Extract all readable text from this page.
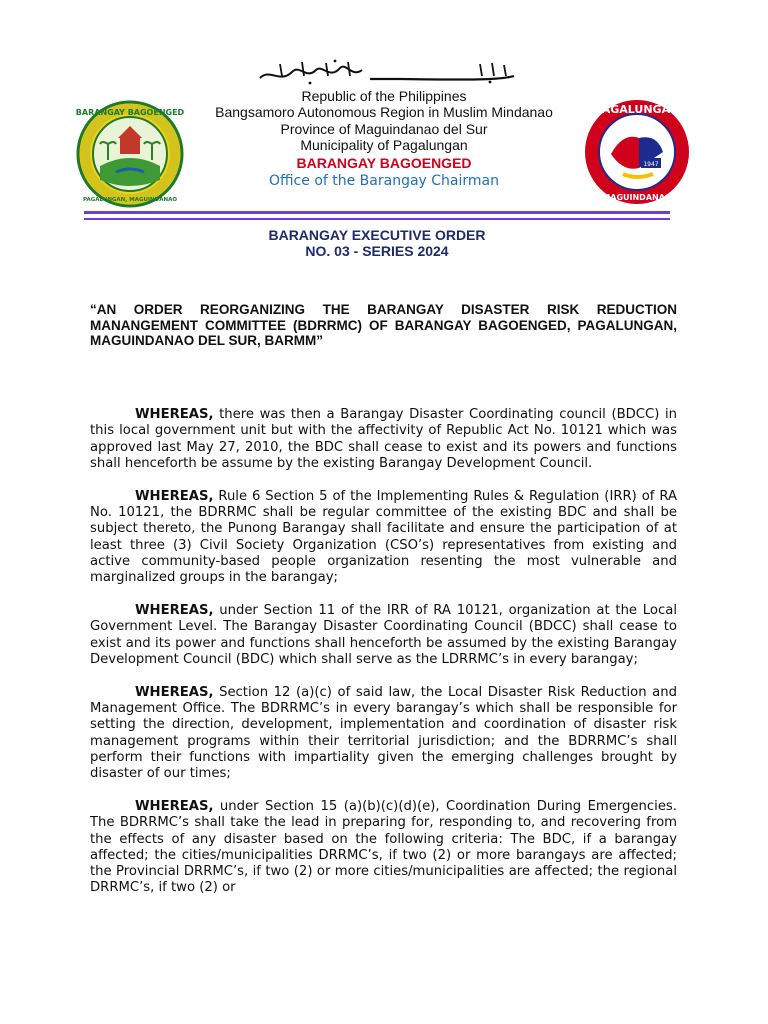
BARANGAY BAGOENGED
PAGALUNGAN, MAGUINDANAO
1947
PAGALUNGAN
MAGUINDANAO
Republic of the Philippines
Bangsamoro Autonomous Region in Muslim Mindanao
Province of Maguindanao del Sur
Municipality of Pagalungan
BARANGAY BAGOENGED
Office of the Barangay Chairman
BARANGAY EXECUTIVE ORDER
NO. 03 - SERIES 2024
“AN ORDER REORGANIZING THE BARANGAY DISASTER RISK REDUCTION MANANGEMENT COMMITTEE (BDRRMC) OF BARANGAY BAGOENGED, PAGALUNGAN, MAGUINDANAO DEL SUR, BARMM”

WHEREAS, there was then a Barangay Disaster Coordinating council (BDCC) in this local government unit but with the affectivity of Republic Act No. 10121 which was approved last May 27, 2010, the BDC shall cease to exist and its powers and functions shall henceforth be assume by the existing Barangay Development Council.

WHEREAS, Rule 6 Section 5 of the Implementing Rules & Regulation (IRR) of RA No. 10121, the BDRRMC shall be regular committee of the existing BDC and shall be subject thereto, the Punong Barangay shall facilitate and ensure the participation of at least three (3) Civil Society Organization (CSO’s) representatives from existing and active community-based people organization resenting the most vulnerable and marginalized groups in the barangay;

WHEREAS, under Section 11 of the IRR of RA 10121, organization at the Local Government Level. The Barangay Disaster Coordinating Council (BDCC) shall cease to exist and its power and functions shall henceforth be assumed by the existing Barangay Development Council (BDC) which shall serve as the LDRRMC’s in every barangay;

WHEREAS, Section 12 (a)(c) of said law, the Local Disaster Risk Reduction and Management Office. The BDRRMC’s in every barangay’s which shall be responsible for setting the direction, development, implementation and coordination of disaster risk management programs within their territorial jurisdiction; and the BDRRMC’s shall perform their functions with impartiality given the emerging challenges brought by disaster of our times;

WHEREAS, under Section 15 (a)(b)(c)(d)(e), Coordination During Emergencies. The BDRRMC’s shall take the lead in preparing for, responding to, and recovering from the effects of any disaster based on the following criteria: The BDC, if a barangay affected; the cities/municipalities DRRMC’s, if two (2) or more barangays are affected; the Provincial DRRMC’s, if two (2) or more cities/municipalities are affected; the regional DRRMC’s, if two (2) or
